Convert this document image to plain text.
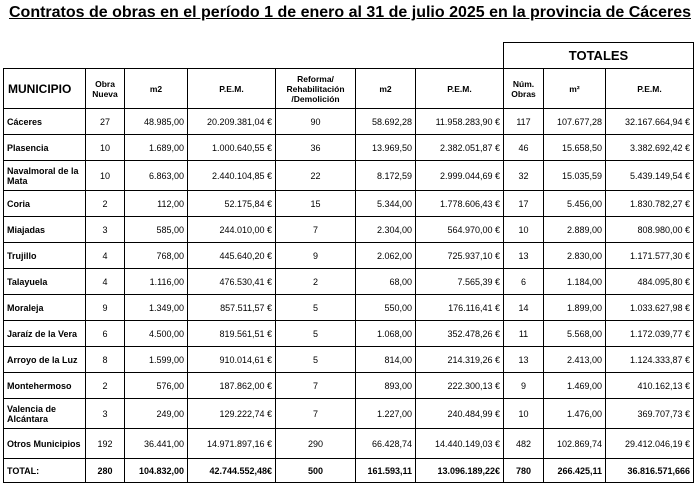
Contratos de obras en el período 1 de enero al 31 de julio 2025 en la provincia de Cáceres
							TOTALES		
MUNICIPIO	Obra Nueva	m2	P.E.M.	Reforma/ Rehabilitación /Demolición	m2	P.E.M.	Núm. Obras	m²	P.E.M.
Cáceres	27	48.985,00	20.209.381,04 €	90	58.692,28	11.958.283,90 €	117	107.677,28	32.167.664,94 €
Plasencia	10	1.689,00	1.000.640,55 €	36	13.969,50	2.382.051,87 €	46	15.658,50	3.382.692,42 €
Navalmoral de la Mata	10	6.863,00	2.440.104,85 €	22	8.172,59	2.999.044,69 €	32	15.035,59	5.439.149,54 €
Coria	2	112,00	52.175,84 €	15	5.344,00	1.778.606,43 €	17	5.456,00	1.830.782,27 €
Miajadas	3	585,00	244.010,00 €	7	2.304,00	564.970,00 €	10	2.889,00	808.980,00 €
Trujillo	4	768,00	445.640,20 €	9	2.062,00	725.937,10 €	13	2.830,00	1.171.577,30 €
Talayuela	4	1.116,00	476.530,41 €	2	68,00	7.565,39 €	6	1.184,00	484.095,80 €
Moraleja	9	1.349,00	857.511,57 €	5	550,00	176.116,41 €	14	1.899,00	1.033.627,98 €
Jaraíz de la Vera	6	4.500,00	819.561,51 €	5	1.068,00	352.478,26 €	11	5.568,00	1.172.039,77 €
Arroyo de la Luz	8	1.599,00	910.014,61 €	5	814,00	214.319,26 €	13	2.413,00	1.124.333,87 €
Montehermoso	2	576,00	187.862,00 €	7	893,00	222.300,13 €	9	1.469,00	410.162,13 €
Valencia de Alcántara	3	249,00	129.222,74 €	7	1.227,00	240.484,99 €	10	1.476,00	369.707,73 €
Otros Municipios	192	36.441,00	14.971.897,16 €	290	66.428,74	14.440.149,03 €	482	102.869,74	29.412.046,19 €
TOTAL:	280	104.832,00	42.744.552,48€	500	161.593,11	13.096.189,22€	780	266.425,11	36.816.571,666
